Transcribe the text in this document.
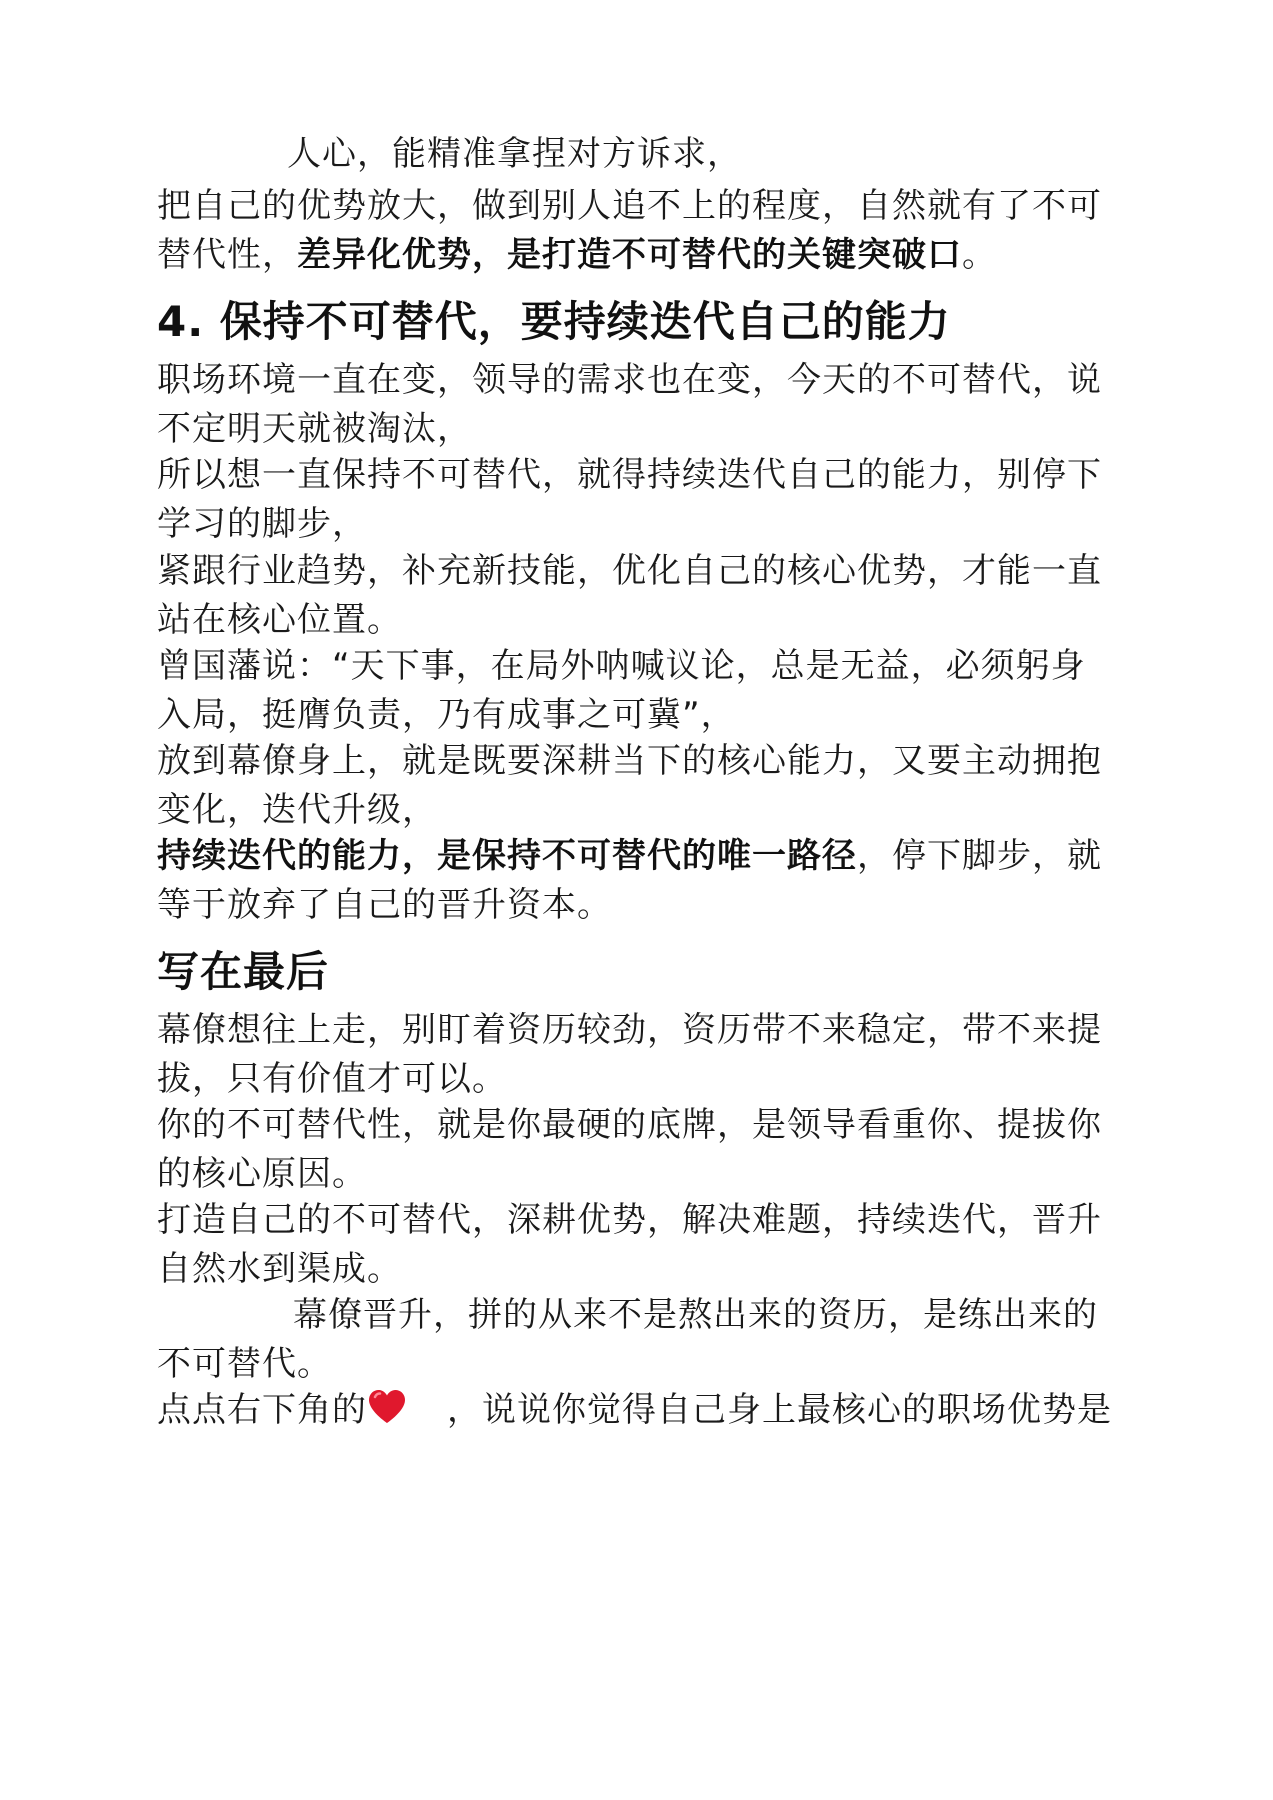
人心，能精准拿捏对方诉求，
把自己的优势放大，做到别人追不上的程度，自然就有了不可替代性，差异化优势，是打造不可替代的关键突破口。
4. 保持不可替代，要持续迭代自己的能力
职场环境一直在变，领导的需求也在变，今天的不可替代，说不定明天就被淘汰，
所以想一直保持不可替代，就得持续迭代自己的能力，别停下学习的脚步，
紧跟行业趋势，补充新技能，优化自己的核心优势，才能一直站在核心位置。
曾国藩说：“天下事，在局外呐喊议论，总是无益，必须躬身入局，挺膺负责，乃有成事之可冀”，
放到幕僚身上，就是既要深耕当下的核心能力，又要主动拥抱变化，迭代升级，
持续迭代的能力，是保持不可替代的唯一路径，停下脚步，就等于放弃了自己的晋升资本。
写在最后
幕僚想往上走，别盯着资历较劲，资历带不来稳定，带不来提拔，只有价值才可以。
你的不可替代性，就是你最硬的底牌，是领导看重你、提拔你的核心原因。
打造自己的不可替代，深耕优势，解决难题，持续迭代，晋升自然水到渠成。
幕僚晋升，拼的从来不是熬出来的资历，是练出来的不可替代。
点点右下角的 ，说说你觉得自己身上最核心的职场优势是
